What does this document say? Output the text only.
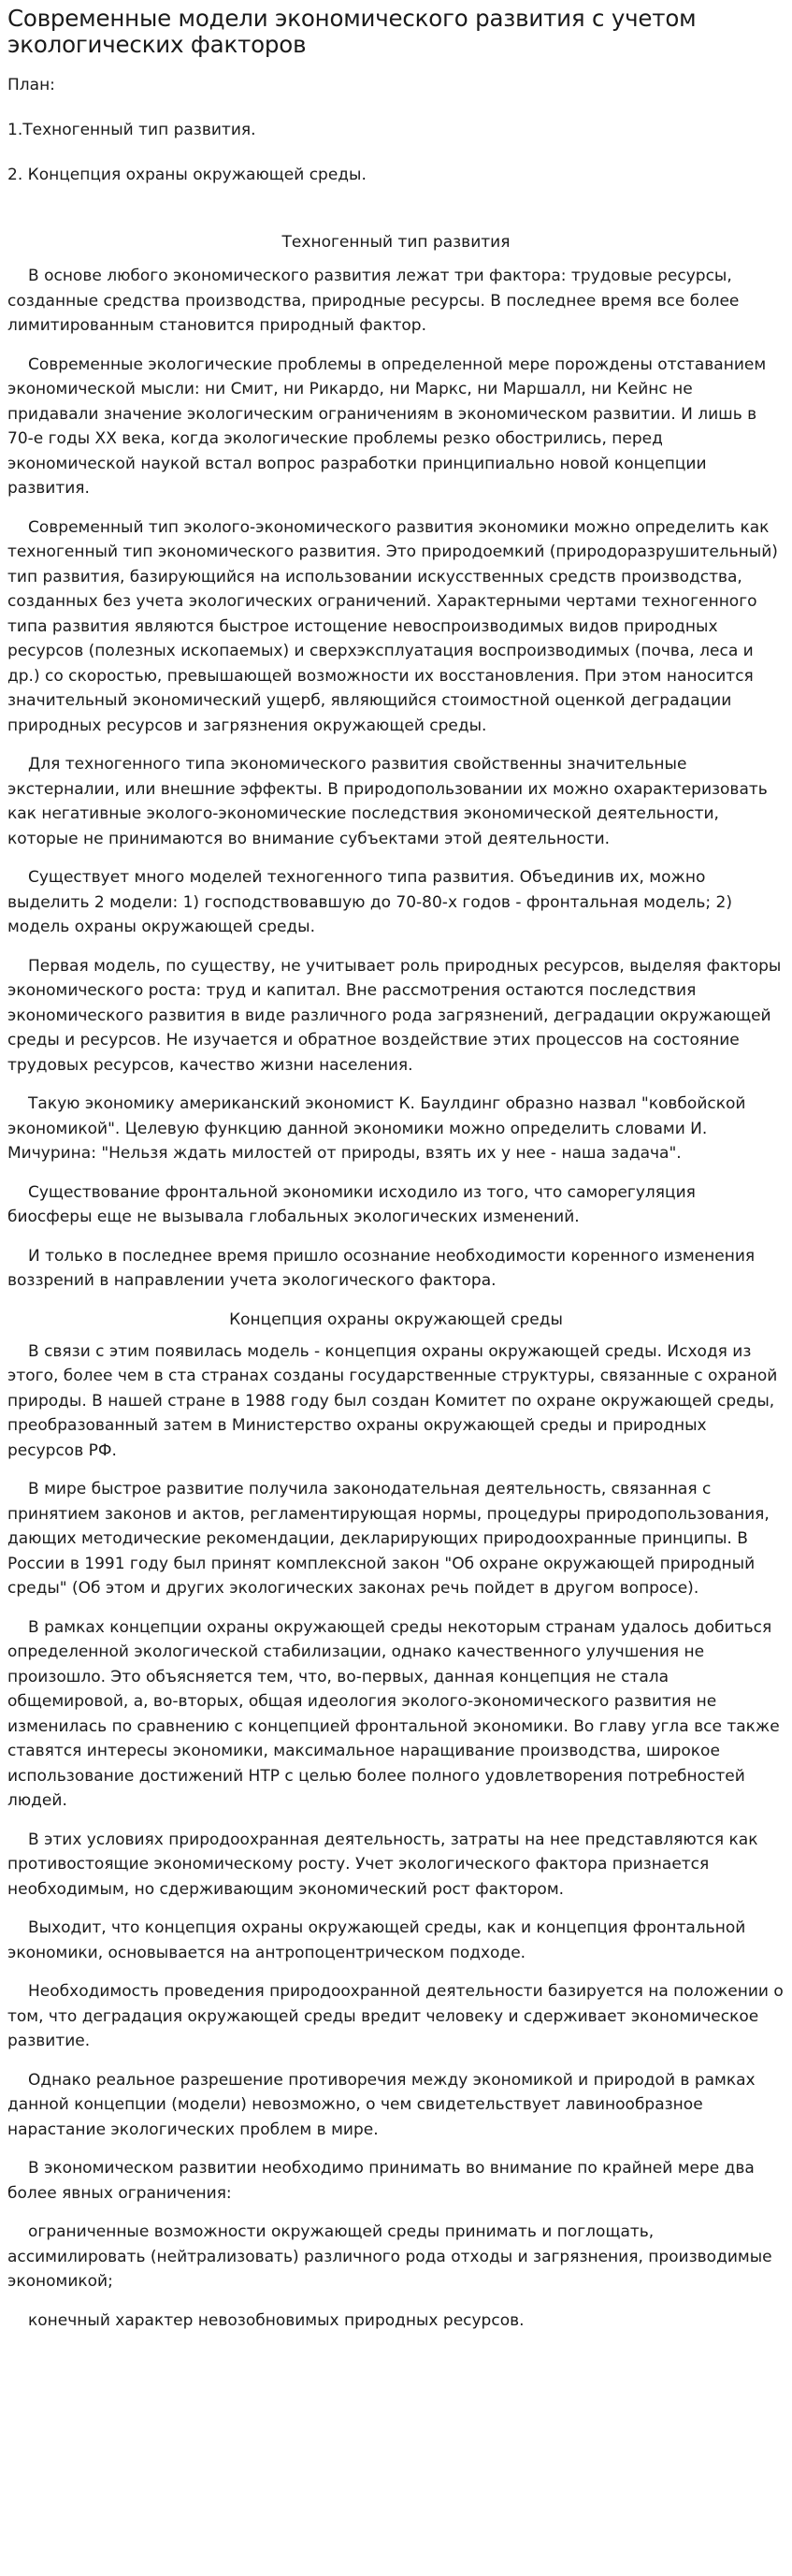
Современные модели экономического развития с учетом экологических факторов
План:
1.Техногенный тип развития.
2. Концепция охраны окружающей среды.
Техногенный тип развития

В основе любого экономического развития лежат три фактора: трудовые ресурсы, созданные средства производства, природные ресурсы. В последнее время все более лимитированным становится природный фактор.

Современные экологические проблемы в определенной мере порождены отставанием экономической мысли: ни Смит, ни Рикардо, ни Маркс, ни Маршалл, ни Кейнс не придавали значение экологическим ограничениям в экономическом развитии. И лишь в 70-е годы XX века, когда экологические проблемы резко обострились, перед экономической наукой встал вопрос разработки принципиально новой концепции развития.

Современный тип эколого-экономического развития экономики можно определить как техногенный тип экономического развития. Это природоемкий (природоразрушительный) тип развития, базирующийся на использовании искусственных средств производства, созданных без учета экологических ограничений. Характерными чертами техногенного типа развития являются быстрое истощение невоспроизводимых видов природных ресурсов (полезных ископаемых) и сверхэксплуатация воспроизводимых (почва, леса и др.) со скоростью, превышающей возможности их восстановления. При этом наносится значительный экономический ущерб, являющийся стоимостной оценкой деградации природных ресурсов и загрязнения окружающей среды.

Для техногенного типа экономического развития свойственны значительные экстерналии, или внешние эффекты. В природопользовании их можно охарактеризовать как негативные эколого-экономические последствия экономической деятельности, которые не принимаются во внимание субъектами этой деятельности.

Существует много моделей техногенного типа развития. Объединив их, можно выделить 2 модели: 1) господствовавшую до 70-80-х годов - фронтальная модель; 2) модель охраны окружающей среды.

Первая модель, по существу, не учитывает роль природных ресурсов, выделяя факторы экономического роста: труд и капитал. Вне рассмотрения остаются последствия экономического развития в виде различного рода загрязнений, деградации окружающей среды и ресурсов. Не изучается и обратное воздействие этих процессов на состояние трудовых ресурсов, качество жизни населения.

Такую экономику американский экономист К. Баулдинг образно назвал "ковбойской экономикой". Целевую функцию данной экономики можно определить словами И. Мичурина: "Нельзя ждать милостей от природы, взять их у нее - наша задача".

Существование фронтальной экономики исходило из того, что саморегуляция биосферы еще не вызывала глобальных экологических изменений.

И только в последнее время пришло осознание необходимости коренного изменения воззрений в направлении учета экологического фактора.

Концепция охраны окружающей среды

В связи с этим появилась модель - концепция охраны окружающей среды. Исходя из этого, более чем в ста странах созданы государственные структуры, связанные с охраной природы. В нашей стране в 1988 году был создан Комитет по охране окружающей среды, преобразованный затем в Министерство охраны окружающей среды и природных ресурсов РФ.

В мире быстрое развитие получила законодательная деятельность, связанная с принятием законов и актов, регламентирующая нормы, процедуры природопользования, дающих методические рекомендации, декларирующих природоохранные принципы. В России в 1991 году был принят комплексной закон "Об охране окружающей природный среды" (Об этом и других экологических законах речь пойдет в другом вопросе).

В рамках концепции охраны окружающей среды некоторым странам удалось добиться определенной экологической стабилизации, однако качественного улучшения не произошло. Это объясняется тем, что, во-первых, данная концепция не стала общемировой, а, во-вторых, общая идеология эколого-экономического развития не изменилась по сравнению с концепцией фронтальной экономики. Во главу угла все также ставятся интересы экономики, максимальное наращивание производства, широкое использование достижений НТР с целью более полного удовлетворения потребностей людей.

В этих условиях природоохранная деятельность, затраты на нее представляются как противостоящие экономическому росту. Учет экологического фактора признается необходимым, но сдерживающим экономический рост фактором.

Выходит, что концепция охраны окружающей среды, как и концепция фронтальной экономики, основывается на антропоцентрическом подходе.

Необходимость проведения природоохранной деятельности базируется на положении о том, что деградация окружающей среды вредит человеку и сдерживает экономическое развитие.

Однако реальное разрешение противоречия между экономикой и природой в рамках данной концепции (модели) невозможно, о чем свидетельствует лавинообразное нарастание экологических проблем в мире.

В экономическом развитии необходимо принимать во внимание по крайней мере два более явных ограничения:

ограниченные возможности окружающей среды принимать и поглощать, ассимилировать (нейтрализовать) различного рода отходы и загрязнения, производимые экономикой;

конечный характер невозобновимых природных ресурсов.
